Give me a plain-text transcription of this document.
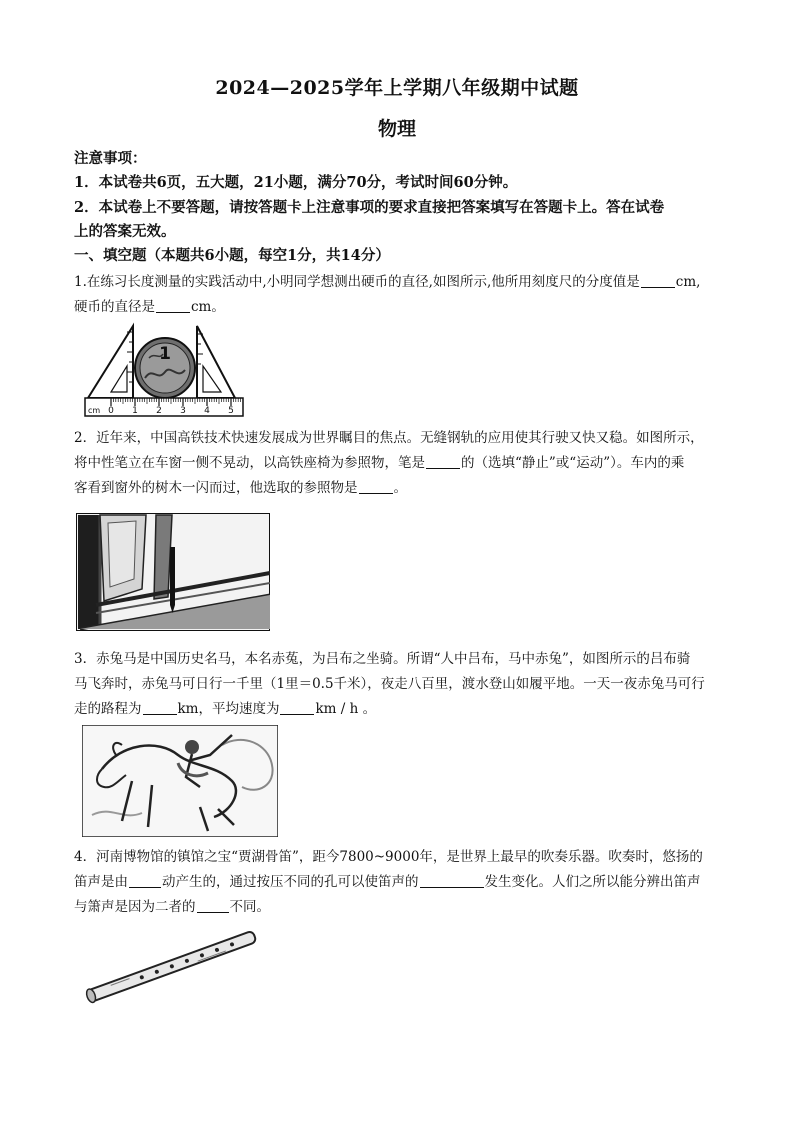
2024—2025学年上学期八年级期中试题
物理
注意事项：
1．本试卷共6页，五大题，21小题，满分70分，考试时间60分钟。
2．本试卷上不要答题，请按答题卡上注意事项的要求直接把答案填写在答题卡上。答在试卷
上的答案无效。
一、填空题（本题共6小题，每空1分，共14分）
1.在练习长度测量的实践活动中,小明同学想测出硬币的直径,如图所示,他所用刻度尺的分度值是	cm,
硬币的直径是	cm。
1
cm 0 1 2 3 4 5
2．近年来，中国高铁技术快速发展成为世界瞩目的焦点。无缝钢轨的应用使其行驶又快又稳。如图所示，
将中性笔立在车窗一侧不晃动，以高铁座椅为参照物，笔是	的（选填“静止”或“运动”）。车内的乘
客看到窗外的树木一闪而过，他选取的参照物是	。
3．赤兔马是中国历史名马，本名赤菟，为吕布之坐骑。所谓“人中吕布，马中赤兔”，如图所示的吕布骑
马飞奔时，赤兔马可日行一千里（1里＝0.5千米），夜走八百里，渡水登山如履平地。一天一夜赤兔马可行
走的路程为	km，平均速度为	km / h 。
4．河南博物馆的镇馆之宝“贾湖骨笛”，距今7800~9000年，是世界上最早的吹奏乐器。吹奏时，悠扬的
笛声是由	动产生的，通过按压不同的孔可以使笛声的	发生变化。人们之所以能分辨出笛声
与箫声是因为二者的	不同。
